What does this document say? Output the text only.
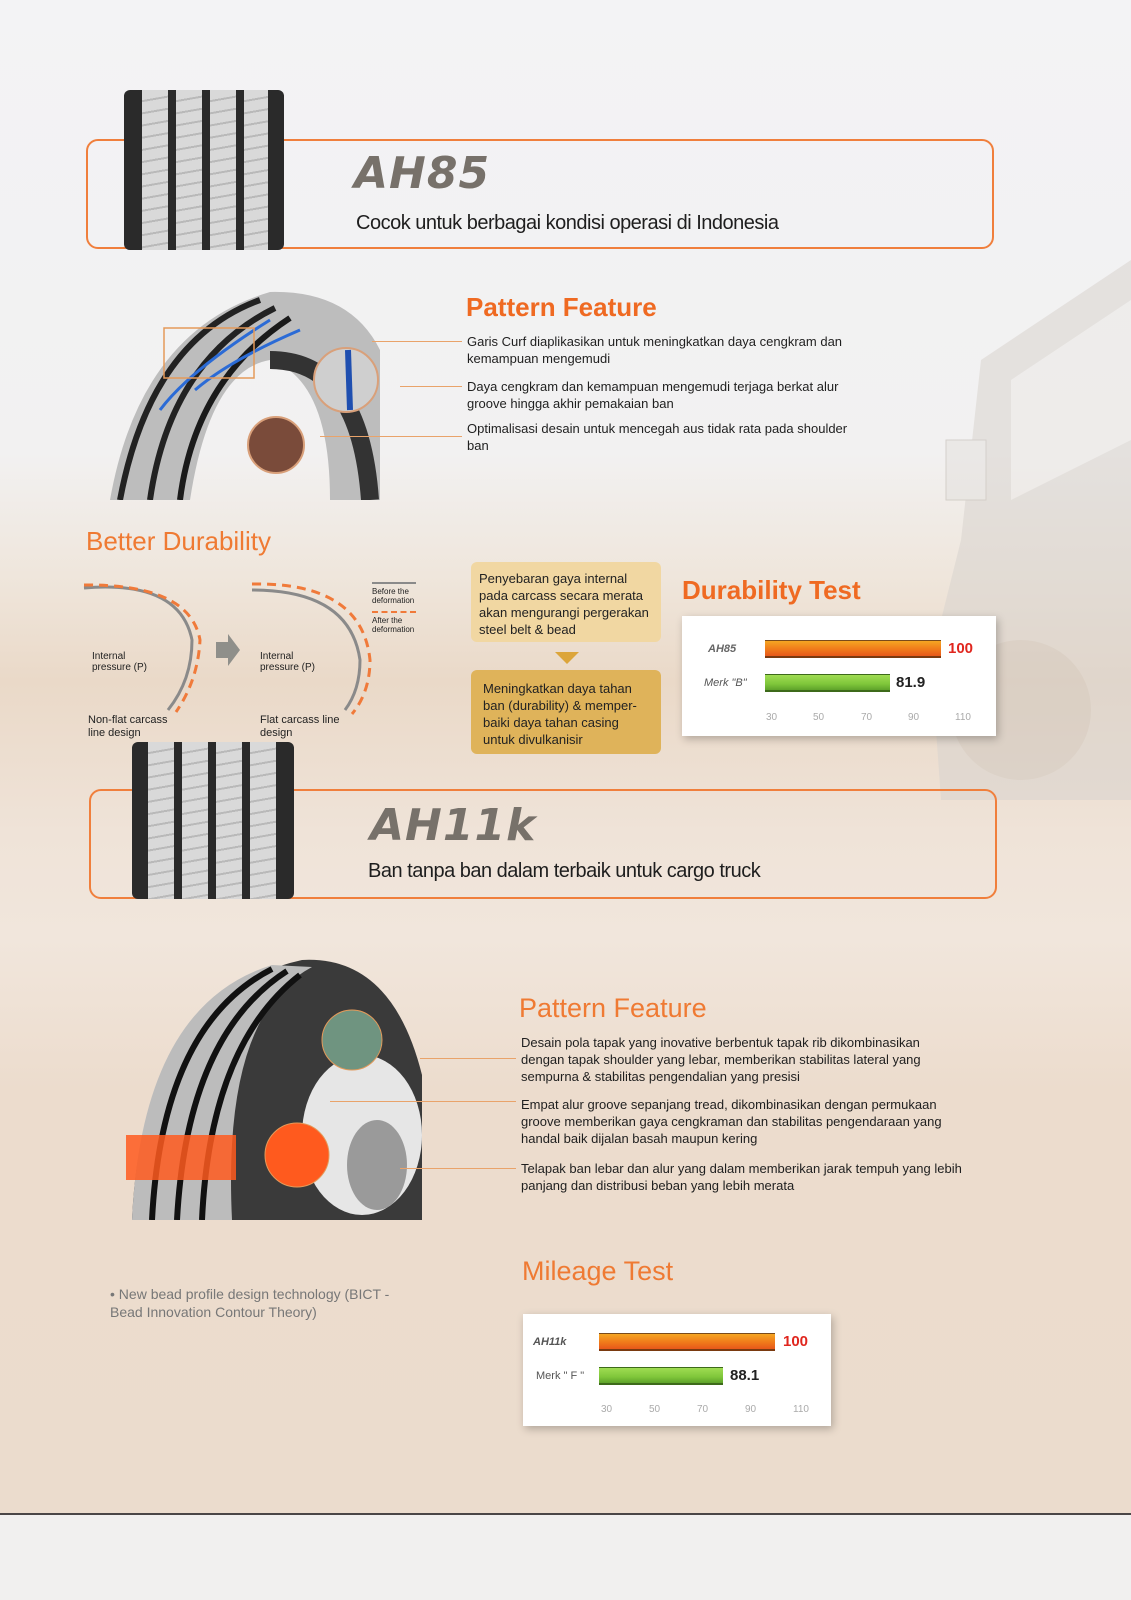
AH85
Cocok untuk berbagai kondisi operasi di Indonesia
Pattern Feature
Garis Curf diaplikasikan untuk meningkatkan daya cengkram dan kemampuan mengemudi
Daya cengkram dan kemampuan mengemudi terjaga berkat alur groove hingga akhir pemakaian ban
Optimalisasi desain untuk mencegah aus tidak rata pada shoulder ban
Better Durability
Internal pressure (P)
Internal pressure (P)
Non-flat carcass line design
Flat carcass line design
Before the deformation
After the deformation
Penyebaran gaya internal pada carcass secara merata akan mengurangi pergerakan steel belt & bead
Meningkatkan daya tahan ban (durability) & memper-baiki daya tahan casing untuk divulkanisir
Durability Test
AH85	100
Merk "B"	81.9
30	50	70	90	110
AH11k
Ban tanpa ban dalam terbaik untuk cargo truck
Pattern Feature
Desain pola tapak yang inovative berbentuk tapak rib dikombinasikan dengan tapak shoulder yang lebar, memberikan stabilitas lateral yang sempurna & stabilitas pengendalian yang presisi
Empat alur groove sepanjang tread, dikombinasikan dengan permukaan groove memberikan gaya cengkraman dan stabilitas pengendaraan yang handal baik dijalan basah maupun kering
Telapak ban lebar dan alur yang dalam memberikan jarak tempuh yang lebih panjang dan distribusi beban yang lebih merata
• New bead profile design technology (BICT - Bead Innovation Contour Theory)
Mileage Test
AH11k	100
Merk " F "	88.1
30	50	70	90	110
